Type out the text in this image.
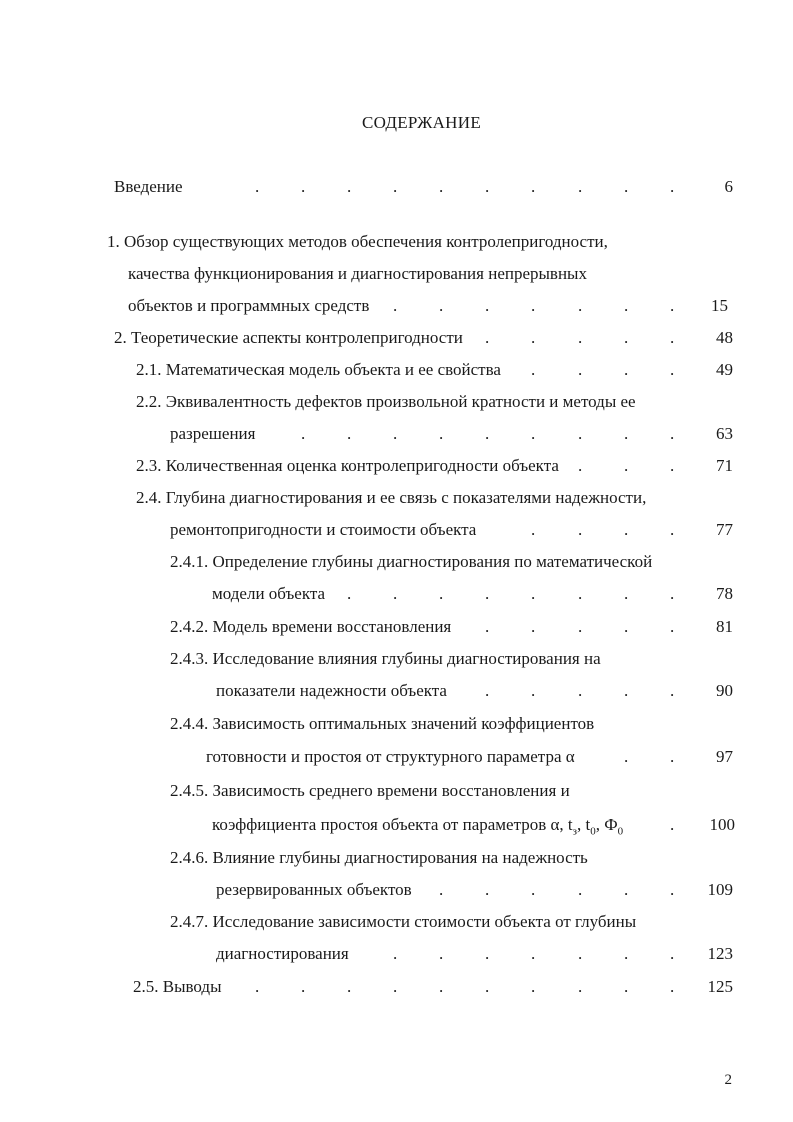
СОДЕРЖАНИЕ
Введение	6
. . . . . . .	. . .
1. Обзор существующих методов обеспечения контролепригодности,
качества функционирования и диагностирования непрерывных
объектов и программных средств	15
. . . .	. . .
2. Теоретические аспекты контролепригодности	48
. .	. . .
2.1. Математическая модель объекта и ее свойства	49
.	. . .
2.2. Эквивалентность дефектов произвольной кратности и методы ее
разрешения	63
. . . . . .	. . .
2.3. Количественная оценка контролепригодности объекта	71
. . .
2.4. Глубина диагностирования и ее связь с показателями надежности,
ремонтопригодности и стоимости объекта	77
.	. . .
2.4.1. Определение глубины диагностирования по математической
модели объекта	78
. . . . .	. . .
2.4.2. Модель времени восстановления	81
. .	. . .
2.4.3. Исследование влияния глубины диагностирования на
показатели надежности объекта	90
. .	. . .
2.4.4. Зависимость оптимальных значений коэффициентов
готовности и простоя от структурного параметра α	97
. .
2.4.5. Зависимость среднего времени восстановления и
коэффициента простоя объекта от параметров α, $t_з$, $t_0$, $Ф_0$	100
.
2.4.6. Влияние глубины диагностирования на надежность
резервированных объектов	109
. . .	. . .
2.4.7. Исследование зависимости стоимости объекта от глубины
диагностирования	123
. . . .	. . .
2.5. Выводы	125
. . . . . . .	. . .
2
